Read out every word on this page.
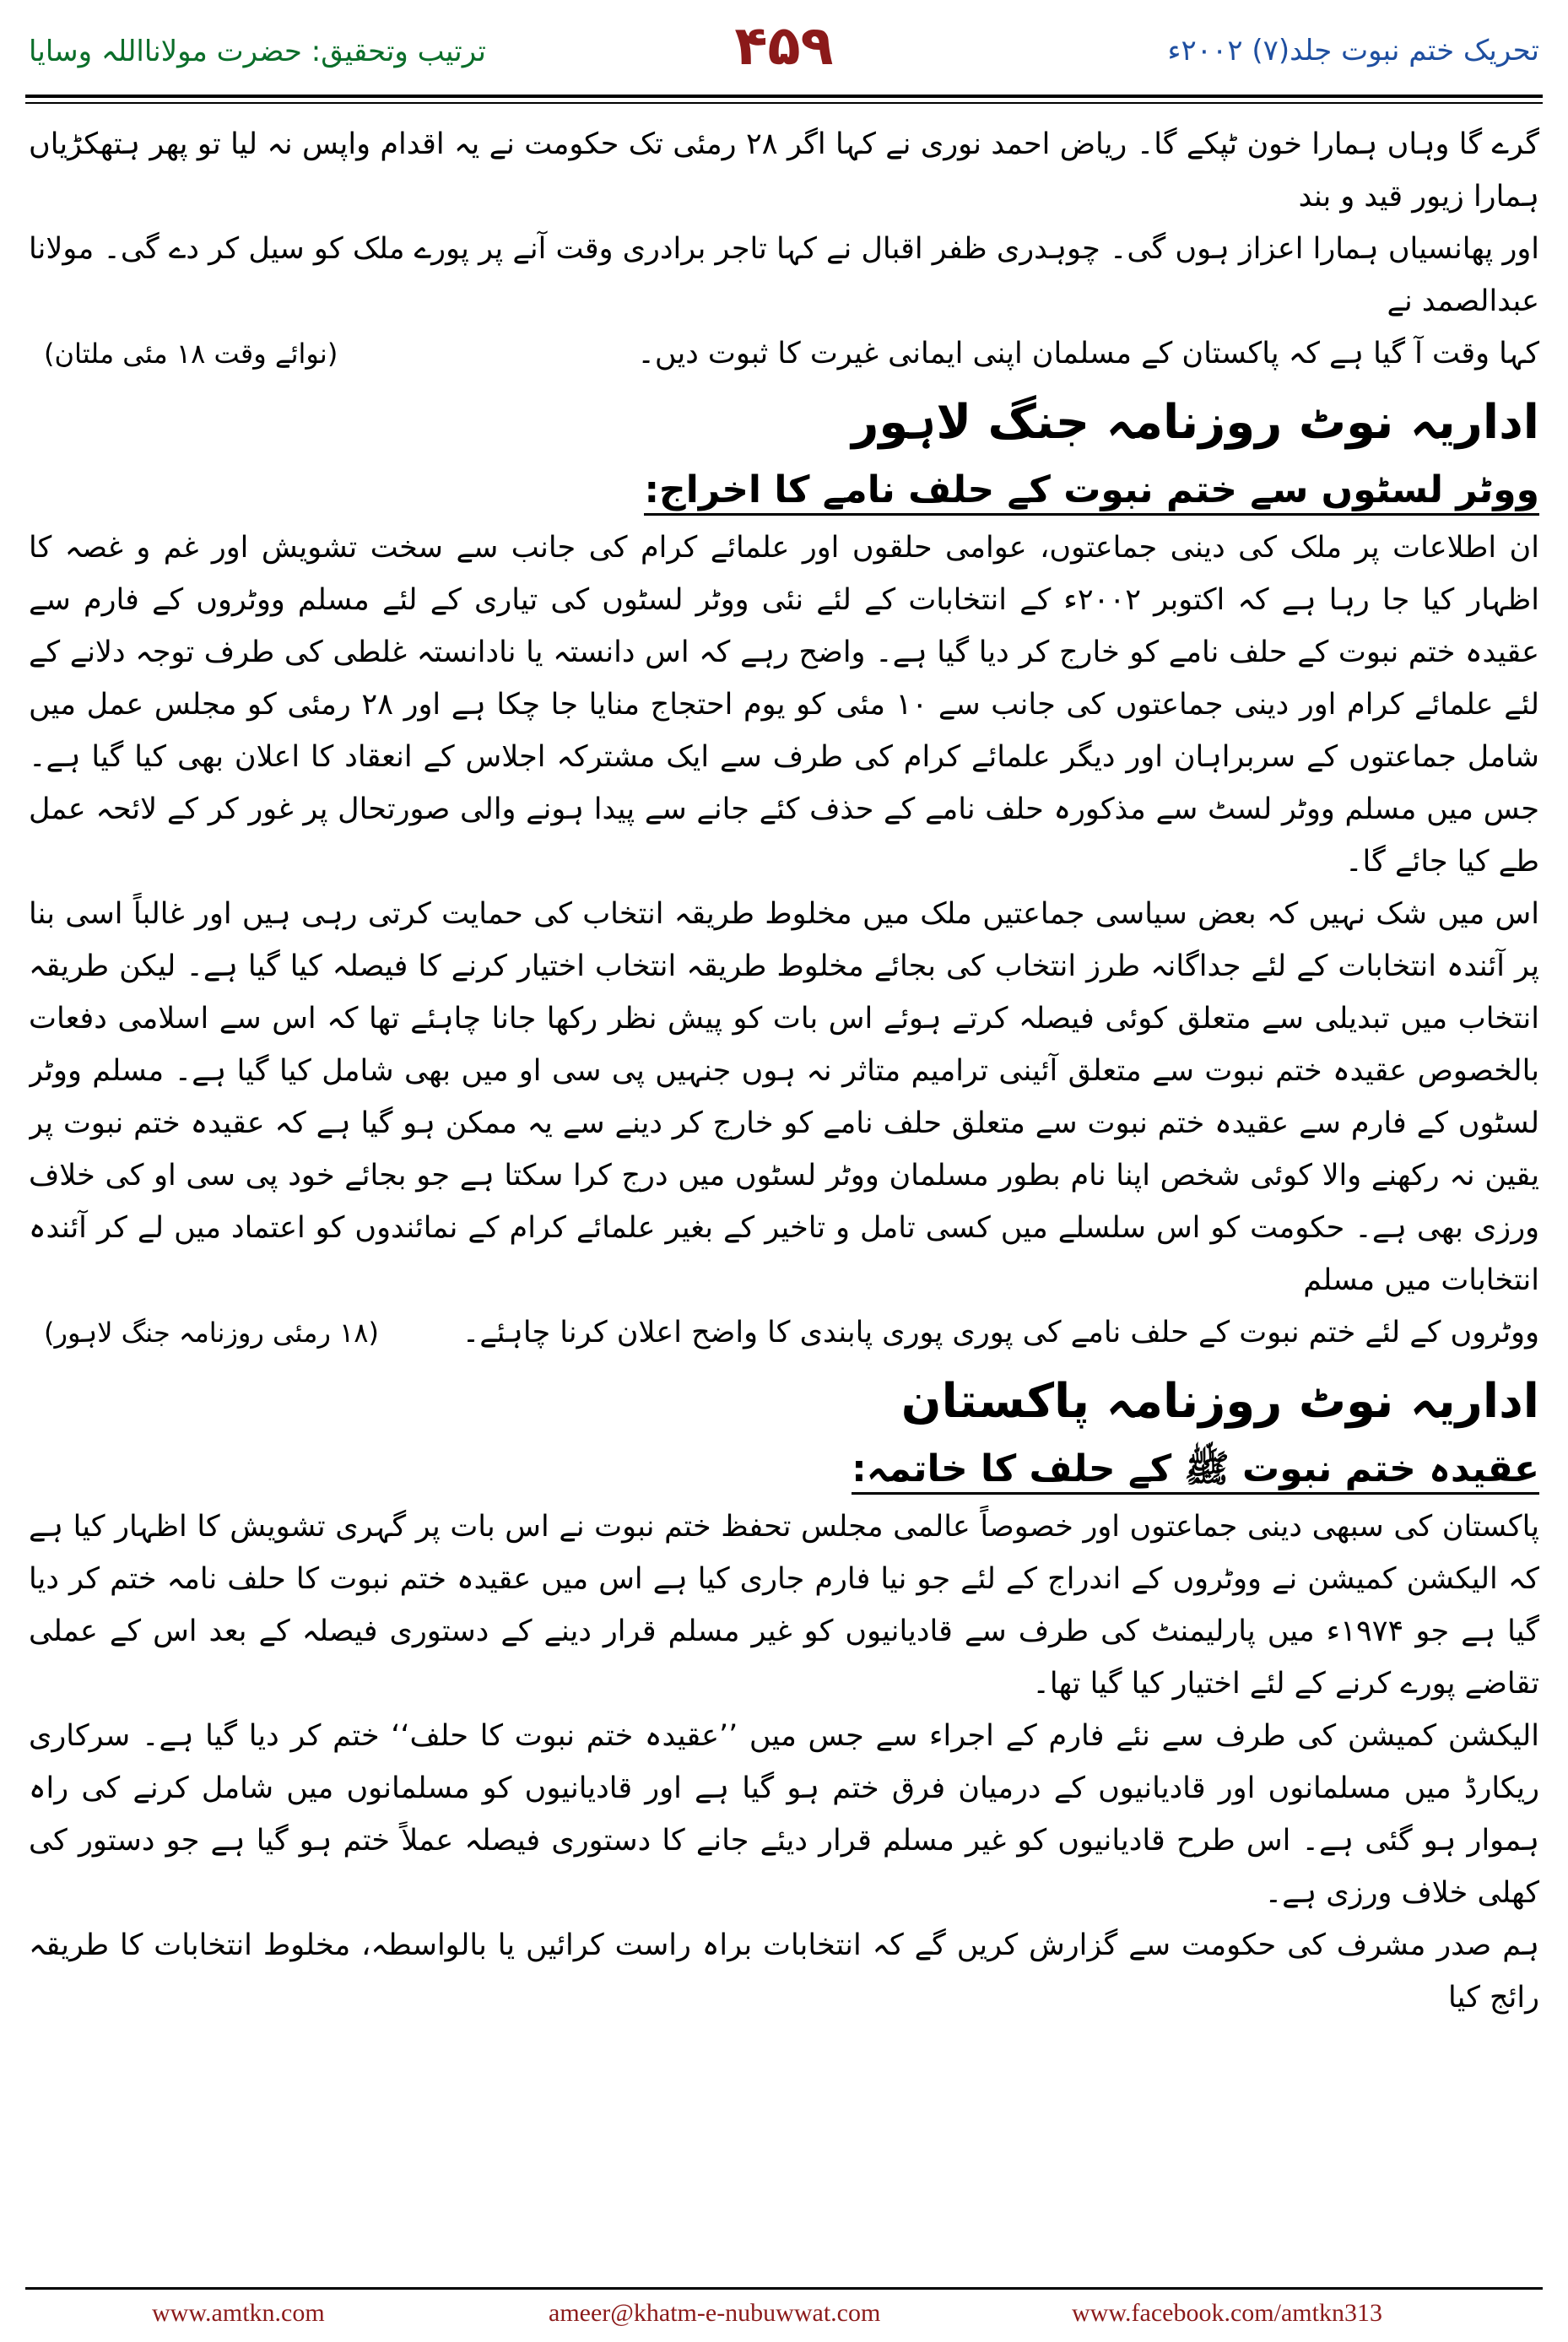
ترتیب وتحقیق: حضرت مولانااللہ وسایا	۴۵۹	تحریک ختم نبوت جلد(۷) ۲۰۰۲ء

گرے گا وہاں ہمارا خون ٹپکے گا۔ ریاض احمد نوری نے کہا اگر ۲۸ رمئی تک حکومت نے یہ اقدام واپس نہ لیا تو پھر ہتھکڑیاں ہمارا زیور قید و بند

اور پھانسیاں ہمارا اعزاز ہوں گی۔ چوہدری ظفر اقبال نے کہا تاجر برادری وقت آنے پر پورے ملک کو سیل کر دے گی۔ مولانا عبدالصمد نے

کہا وقت آ گیا ہے کہ پاکستان کے مسلمان اپنی ایمانی غیرت کا ثبوت دیں۔

(نوائے وقت ۱۸ مئی ملتان)
اداریہ نوٹ روزنامہ جنگ لاہور
ووٹر لسٹوں سے ختم نبوت کے حلف نامے کا اخراج:

ان اطلاعات پر ملک کی دینی جماعتوں، عوامی حلقوں اور علمائے کرام کی جانب سے سخت تشویش اور غم و غصہ کا اظہار کیا جا رہا ہے کہ اکتوبر ۲۰۰۲ء کے انتخابات کے لئے نئی ووٹر لسٹوں کی تیاری کے لئے مسلم ووٹروں کے فارم سے عقیدہ ختم نبوت کے حلف نامے کو خارج کر دیا گیا ہے۔ واضح رہے کہ اس دانستہ یا نادانستہ غلطی کی طرف توجہ دلانے کے لئے علمائے کرام اور دینی جماعتوں کی جانب سے ۱۰ مئی کو یوم احتجاج منایا جا چکا ہے اور ۲۸ رمئی کو مجلس عمل میں شامل جماعتوں کے سربراہان اور دیگر علمائے کرام کی طرف سے ایک مشترکہ اجلاس کے انعقاد کا اعلان بھی کیا گیا ہے۔ جس میں مسلم ووٹر لسٹ سے مذکورہ حلف نامے کے حذف کئے جانے سے پیدا ہونے والی صورتحال پر غور کر کے لائحہ عمل طے کیا جائے گا۔

اس میں شک نہیں کہ بعض سیاسی جماعتیں ملک میں مخلوط طریقہ انتخاب کی حمایت کرتی رہی ہیں اور غالباً اسی بنا پر آئندہ انتخابات کے لئے جداگانہ طرز انتخاب کی بجائے مخلوط طریقہ انتخاب اختیار کرنے کا فیصلہ کیا گیا ہے۔ لیکن طریقہ انتخاب میں تبدیلی سے متعلق کوئی فیصلہ کرتے ہوئے اس بات کو پیش نظر رکھا جانا چاہئے تھا کہ اس سے اسلامی دفعات بالخصوص عقیدہ ختم نبوت سے متعلق آئینی ترامیم متاثر نہ ہوں جنہیں پی سی او میں بھی شامل کیا گیا ہے۔ مسلم ووٹر لسٹوں کے فارم سے عقیدہ ختم نبوت سے متعلق حلف نامے کو خارج کر دینے سے یہ ممکن ہو گیا ہے کہ عقیدہ ختم نبوت پر یقین نہ رکھنے والا کوئی شخص اپنا نام بطور مسلمان ووٹر لسٹوں میں درج کرا سکتا ہے جو بجائے خود پی سی او کی خلاف ورزی بھی ہے۔ حکومت کو اس سلسلے میں کسی تامل و تاخیر کے بغیر علمائے کرام کے نمائندوں کو اعتماد میں لے کر آئندہ انتخابات میں مسلم

ووٹروں کے لئے ختم نبوت کے حلف نامے کی پوری پوری پابندی کا واضح اعلان کرنا چاہئے۔

(۱۸ رمئی روزنامہ جنگ لاہور)
اداریہ نوٹ روزنامہ پاکستان
عقیدہ ختم نبوت ﷺ کے حلف کا خاتمہ:

پاکستان کی سبھی دینی جماعتوں اور خصوصاً عالمی مجلس تحفظ ختم نبوت نے اس بات پر گہری تشویش کا اظہار کیا ہے کہ الیکشن کمیشن نے ووٹروں کے اندراج کے لئے جو نیا فارم جاری کیا ہے اس میں عقیدہ ختم نبوت کا حلف نامہ ختم کر دیا گیا ہے جو ۱۹۷۴ء میں پارلیمنٹ کی طرف سے قادیانیوں کو غیر مسلم قرار دینے کے دستوری فیصلہ کے بعد اس کے عملی تقاضے پورے کرنے کے لئے اختیار کیا گیا تھا۔

الیکشن کمیشن کی طرف سے نئے فارم کے اجراء سے جس میں ’’عقیدہ ختم نبوت کا حلف‘‘ ختم کر دیا گیا ہے۔ سرکاری ریکارڈ میں مسلمانوں اور قادیانیوں کے درمیان فرق ختم ہو گیا ہے اور قادیانیوں کو مسلمانوں میں شامل کرنے کی راہ ہموار ہو گئی ہے۔ اس طرح قادیانیوں کو غیر مسلم قرار دیئے جانے کا دستوری فیصلہ عملاً ختم ہو گیا ہے جو دستور کی کھلی خلاف ورزی ہے۔

ہم صدر مشرف کی حکومت سے گزارش کریں گے کہ انتخابات براہ راست کرائیں یا بالواسطہ، مخلوط انتخابات کا طریقہ رائج کیا

www.amtkn.com	ameer@khatm-e-nubuwwat.com	www.facebook.com/amtkn313
